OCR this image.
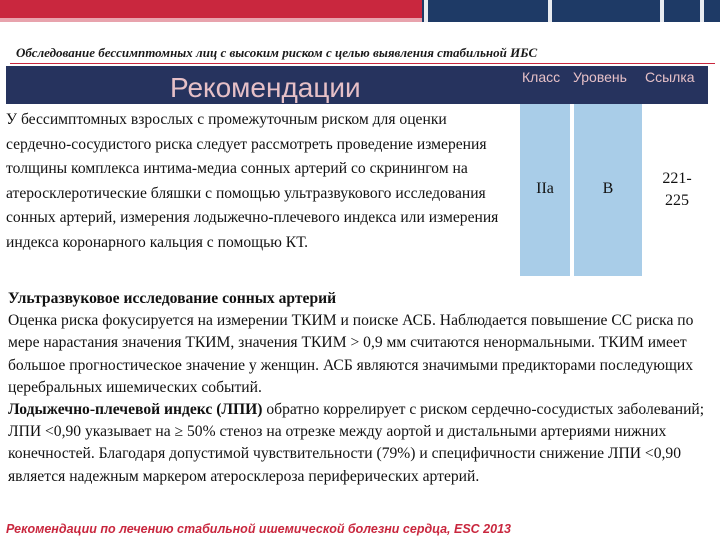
Обследование бессимптомных лиц с высоким риском с целью выявления стабильной ИБС
Рекомендации	Класс Уровень Ссылка
У бессимптомных взрослых с промежуточным риском для оценки сердечно-сосудистого риска следует рассмотреть проведение измерения толщины комплекса интима-медиа сонных артерий со скринингом на атеросклеротические бляшки с помощью ультразвукового исследования сонных артерий, измерения лодыжечно-плечевого индекса или измерения индекса коронарного кальция с помощью КТ.
IIa	B
221-
225

Ультразвуковое исследование сонных артерий

Оценка риска фокусируется на измерении ТКИМ и поиске АСБ. Наблюдается повышение СС риска по мере нарастания значения ТКИМ, значения ТКИМ > 0,9 мм считаются ненормальными. ТКИМ имеет большое прогностическое значение у женщин. АСБ являются значимыми предикторами последующих церебральных ишемических событий.

Лодыжечно-плечевой индекс (ЛПИ) обратно коррелирует с риском сердечно-сосудистых заболеваний; ЛПИ <0,90 указывает на ≥ 50% стеноз на отрезке между аортой и дистальными артериями нижних конечностей. Благодаря допустимой чувствительности (79%) и специфичности снижение ЛПИ <0,90 является надежным маркером атеросклероза периферических артерий.

Рекомендации по лечению стабильной ишемической болезни сердца, ESC 2013
